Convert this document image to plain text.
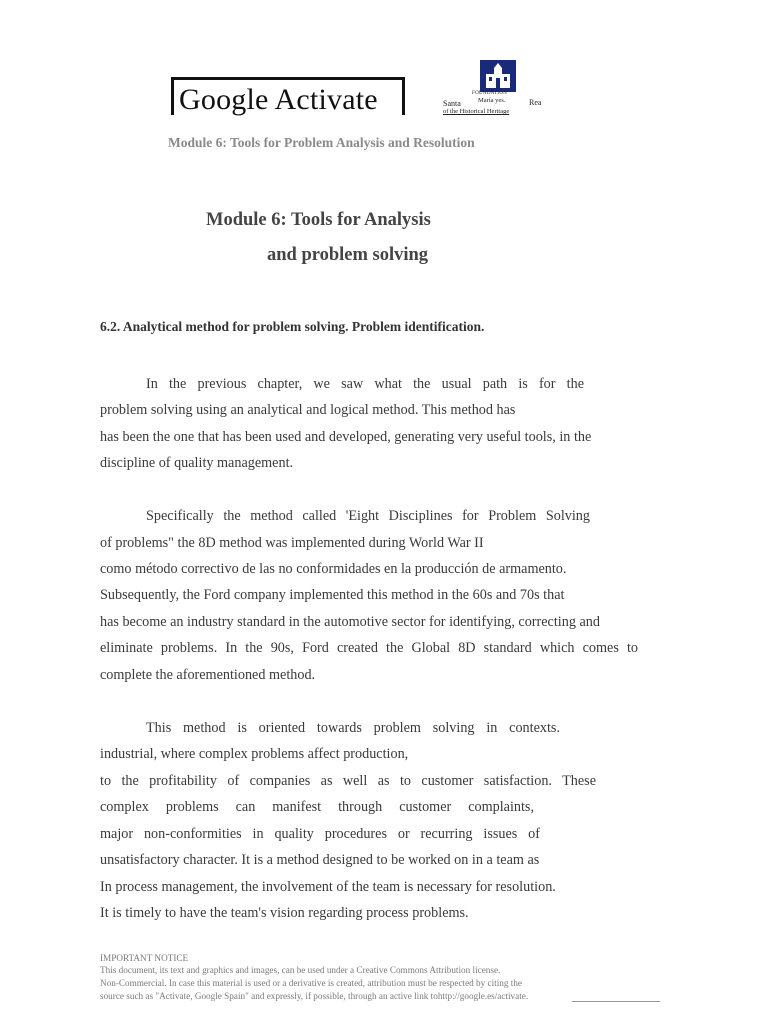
Google Activate	FOUNDATION
María yes.
Santa	Rea
of the Historical Heritage
Module 6: Tools for Problem Analysis and Resolution
Module 6: Tools for Analysis
and problem solving
6.2. Analytical method for problem solving. Problem identification.
In the previous chapter, we saw what the usual path is for the
problem solving using an analytical and logical method. This method has
has been the one that has been used and developed, generating very useful tools, in the
discipline of quality management.
Specifically the method called 'Eight Disciplines for Problem Solving
of problems" the 8D method was implemented during World War II
como método correctivo de las no conformidades en la producción de armamento.
Subsequently, the Ford company implemented this method in the 60s and 70s that
has become an industry standard in the automotive sector for identifying, correcting and
eliminate problems. In the 90s, Ford created the Global 8D standard which comes to
complete the aforementioned method.
This method is oriented towards problem solving in contexts.
industrial, where complex problems affect production,
to the profitability of companies as well as to customer satisfaction. These
complex problems can manifest through customer complaints,
major non-conformities in quality procedures or recurring issues of
unsatisfactory character. It is a method designed to be worked on in a team as
In process management, the involvement of the team is necessary for resolution.
It is timely to have the team's vision regarding process problems.
IMPORTANT NOTICE
This document, its text and graphics and images, can be used under a Creative Commons Attribution license.
Non-Commercial. In case this material is used or a derivative is created, attribution must be respected by citing the
source such as "Activate, Google Spain" and expressly, if possible, through an active link tohttp://google.es/activate.
